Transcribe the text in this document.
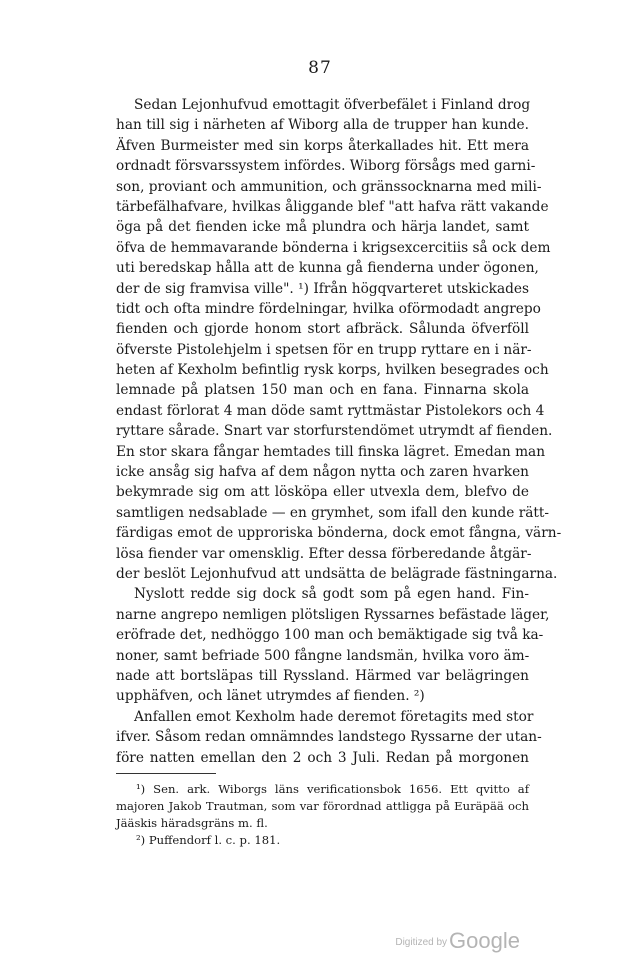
87
Sedan Lejonhufvud emottagit öfverbefälet i Finland drog
han till sig i närheten af Wiborg alla de trupper han kunde.
Äfven Burmeister med sin korps återkallades hit. Ett mera
ordnadt försvarssystem infördes. Wiborg försågs med garni-
son, proviant och ammunition, och gränssocknarna med mili-
tärbefälhafvare, hvilkas åliggande blef "att hafva rätt vakande
öga på det fienden icke må plundra och härja landet, samt
öfva de hemmavarande bönderna i krigsexcercitiis så ock dem
uti beredskap hålla att de kunna gå fienderna under ögonen,
der de sig framvisa ville". ¹) Ifrån högqvarteret utskickades
tidt och ofta mindre fördelningar, hvilka oförmodadt angrepo
fienden och gjorde honom stort afbräck. Sålunda öfverföll
öfverste Pistolehjelm i spetsen för en trupp ryttare en i när-
heten af Kexholm befintlig rysk korps, hvilken besegrades och
lemnade på platsen 150 man och en fana. Finnarna skola
endast förlorat 4 man döde samt ryttmästar Pistolekors och 4
ryttare sårade. Snart var storfurstendömet utrymdt af fienden.
En stor skara fångar hemtades till finska lägret. Emedan man
icke ansåg sig hafva af dem någon nytta och zaren hvarken
bekymrade sig om att lösköpa eller utvexla dem, blefvo de
samtligen nedsablade — en grymhet, som ifall den kunde rätt-
färdigas emot de upproriska bönderna, dock emot fångna, värn-
lösa fiender var omensklig. Efter dessa förberedande åtgär-
der beslöt Lejonhufvud att undsätta de belägrade fästningarna.
Nyslott redde sig dock så godt som på egen hand. Fin-
narne angrepo nemligen plötsligen Ryssarnes befästade läger,
eröfrade det, nedhöggo 100 man och bemäktigade sig två ka-
noner, samt befriade 500 fångne landsmän, hvilka voro äm-
nade att bortsläpas till Ryssland. Härmed var belägringen
upphäfven, och länet utrymdes af fienden. ²)
Anfallen emot Kexholm hade deremot företagits med stor
ifver. Såsom redan omnämndes landstego Ryssarne der utan-
före natten emellan den 2 och 3 Juli. Redan på morgonen
¹) Sen. ark. Wiborgs läns verificationsbok 1656. Ett qvitto af
majoren Jakob Trautman, som var förordnad attligga på Euräpää och
Jääskis häradsgräns m. fl.
²) Puffendorf l. c. p. 181.
Digitized byGoogle
